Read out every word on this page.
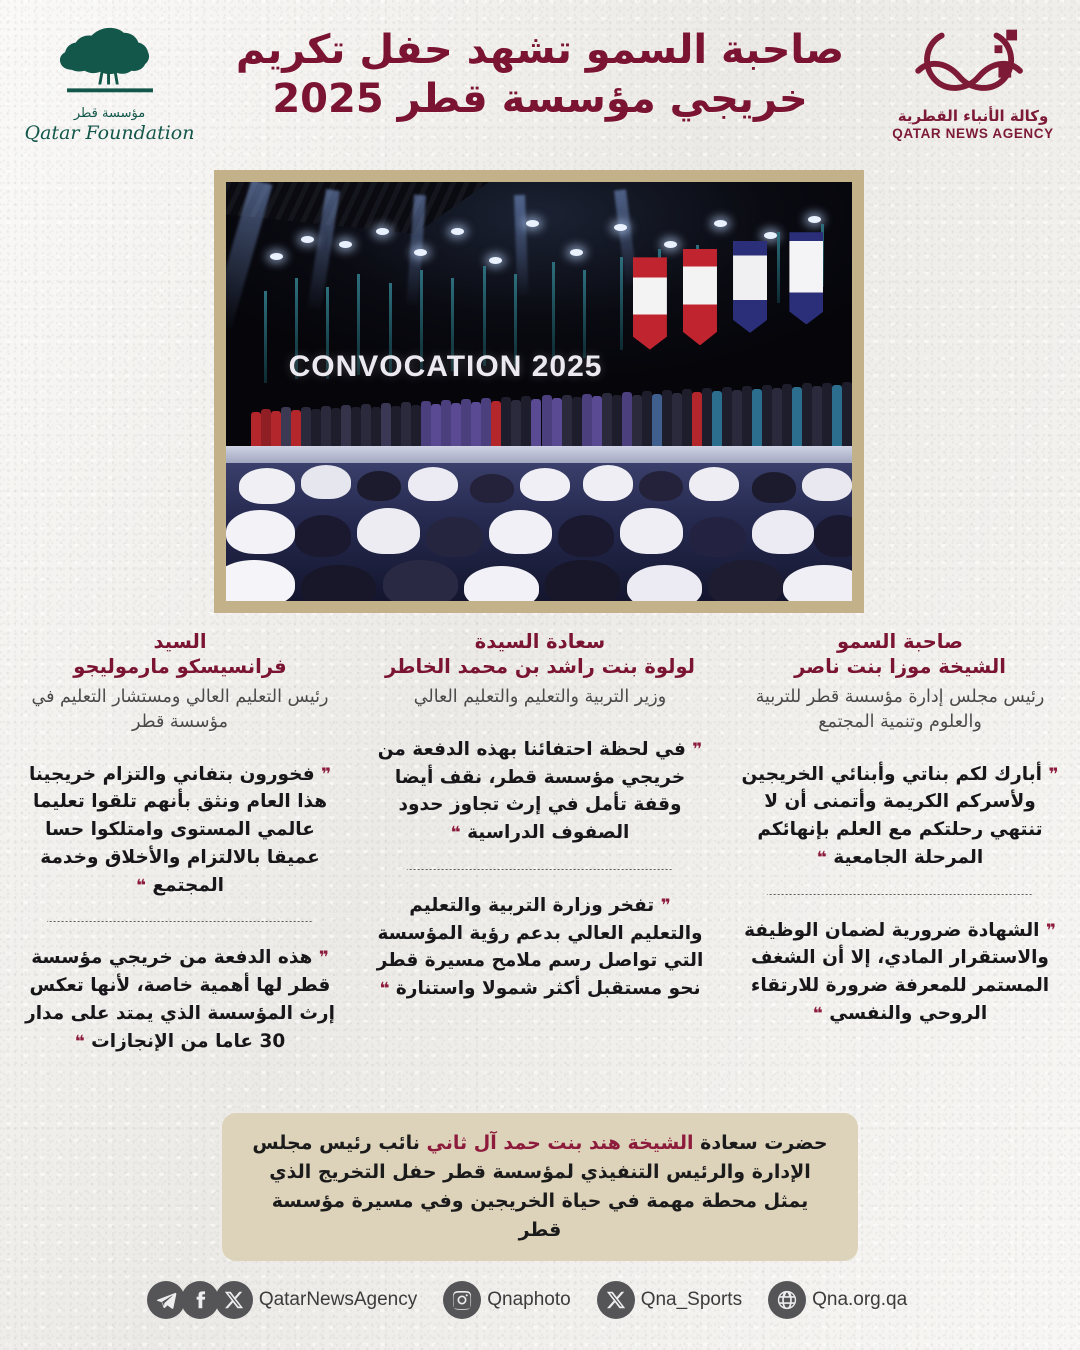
مؤسسة قطر
Qatar Foundation
صاحبة السمو تشهد حفل تكريم
خريجي مؤسسة قطر 2025	وكالة الأنباء القطرية
QATAR NEWS AGENCY
CONVOCATION 2025
صاحبة السمو
الشيخة موزا بنت ناصر
رئيس مجلس إدارة مؤسسة قطر للتربية والعلوم وتنمية المجتمع
❞ أبارك لكم بناتي وأبنائي الخريجين ولأسركم الكريمة وأتمنى أن لا تنتهي رحلتكم مع العلم بإنهائكم المرحلة الجامعية ❝
❞ الشهادة ضرورية لضمان الوظيفة والاستقرار المادي، إلا أن الشغف المستمر للمعرفة ضرورة للارتقاء الروحي والنفسي ❝
سعادة السيدة
لولوة بنت راشد بن محمد الخاطر
وزير التربية والتعليم والتعليم العالي
❞ في لحظة احتفائنا بهذه الدفعة من خريجي مؤسسة قطر، نقف أيضا وقفة تأمل في إرث تجاوز حدود الصفوف الدراسية ❝
❞ تفخر وزارة التربية والتعليم والتعليم العالي بدعم رؤية المؤسسة التي تواصل رسم ملامح مسيرة قطر نحو مستقبل أكثر شمولا واستنارة ❝
السيد
فرانسيسكو مارموليجو
رئيس التعليم العالي ومستشار التعليم في مؤسسة قطر
❞ فخورون بتفاني والتزام خريجينا هذا العام ونثق بأنهم تلقوا تعليما عالمي المستوى وامتلكوا حسا عميقا بالالتزام والأخلاق وخدمة المجتمع ❝
❞ هذه الدفعة من خريجي مؤسسة قطر لها أهمية خاصة، لأنها تعكس إرث المؤسسة الذي يمتد على مدار 30 عاما من الإنجازات ❝
حضرت سعادة الشيخة هند بنت حمد آل ثاني نائب رئيس مجلس الإدارة والرئيس التنفيذي لمؤسسة قطر حفل التخريج الذي يمثل محطة مهمة في حياة الخريجين وفي مسيرة مؤسسة قطر
QatarNewsAgency	Qnaphoto	Qna_Sports	Qna.org.qa
